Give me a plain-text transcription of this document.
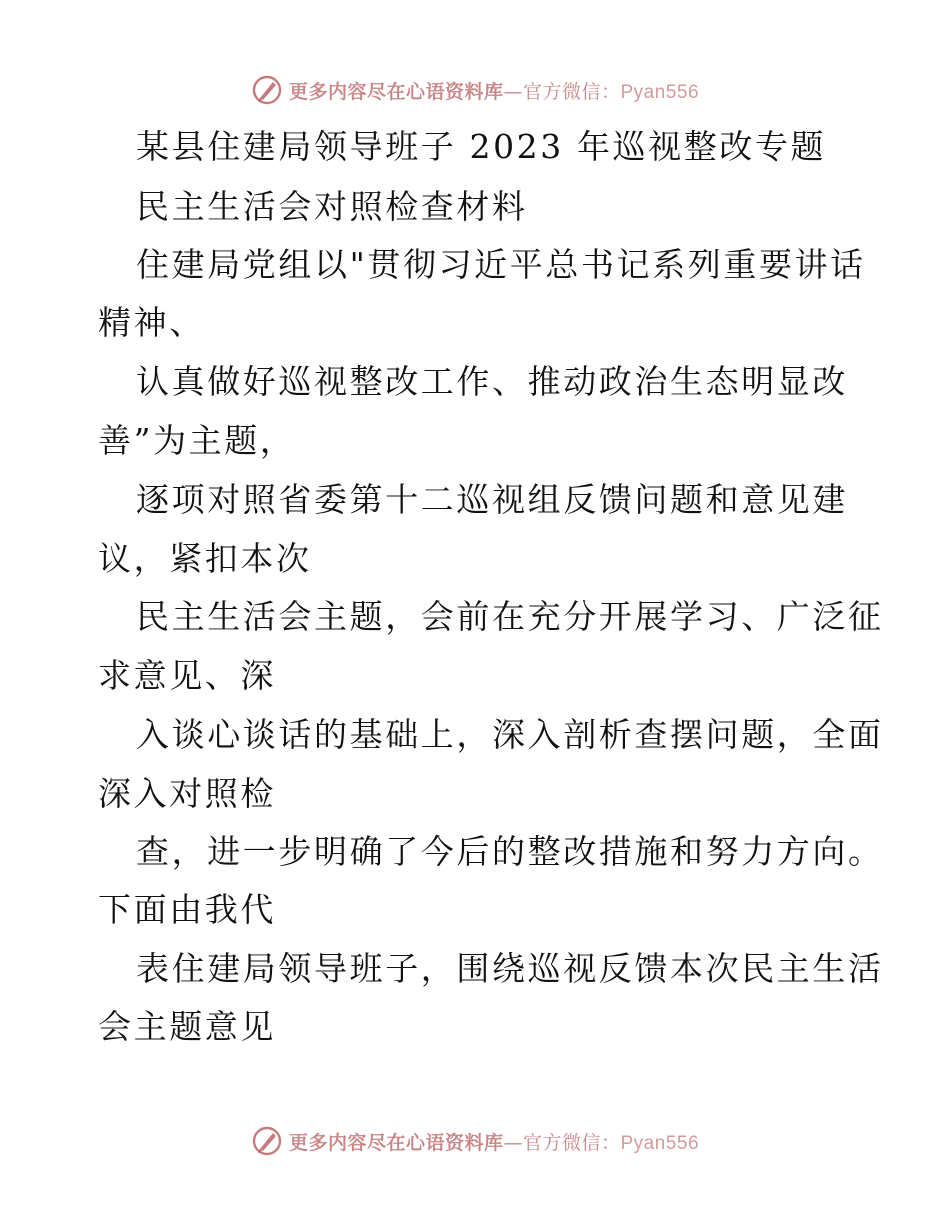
更多内容尽在心语资料库—官方微信：Pyan556
某县住建局领导班子 2023 年巡视整改专题
民主生活会对照检查材料
住建局党组以"贯彻习近平总书记系列重要讲话
精神、
认真做好巡视整改工作、推动政治生态明显改
善”为主题，
逐项对照省委第十二巡视组反馈问题和意见建
议，紧扣本次
民主生活会主题，会前在充分开展学习、广泛征
求意见、深
入谈心谈话的基础上，深入剖析查摆问题，全面
深入对照检
查，进一步明确了今后的整改措施和努力方向。
下面由我代
表住建局领导班子，围绕巡视反馈本次民主生活
会主题意见
更多内容尽在心语资料库—官方微信：Pyan556
